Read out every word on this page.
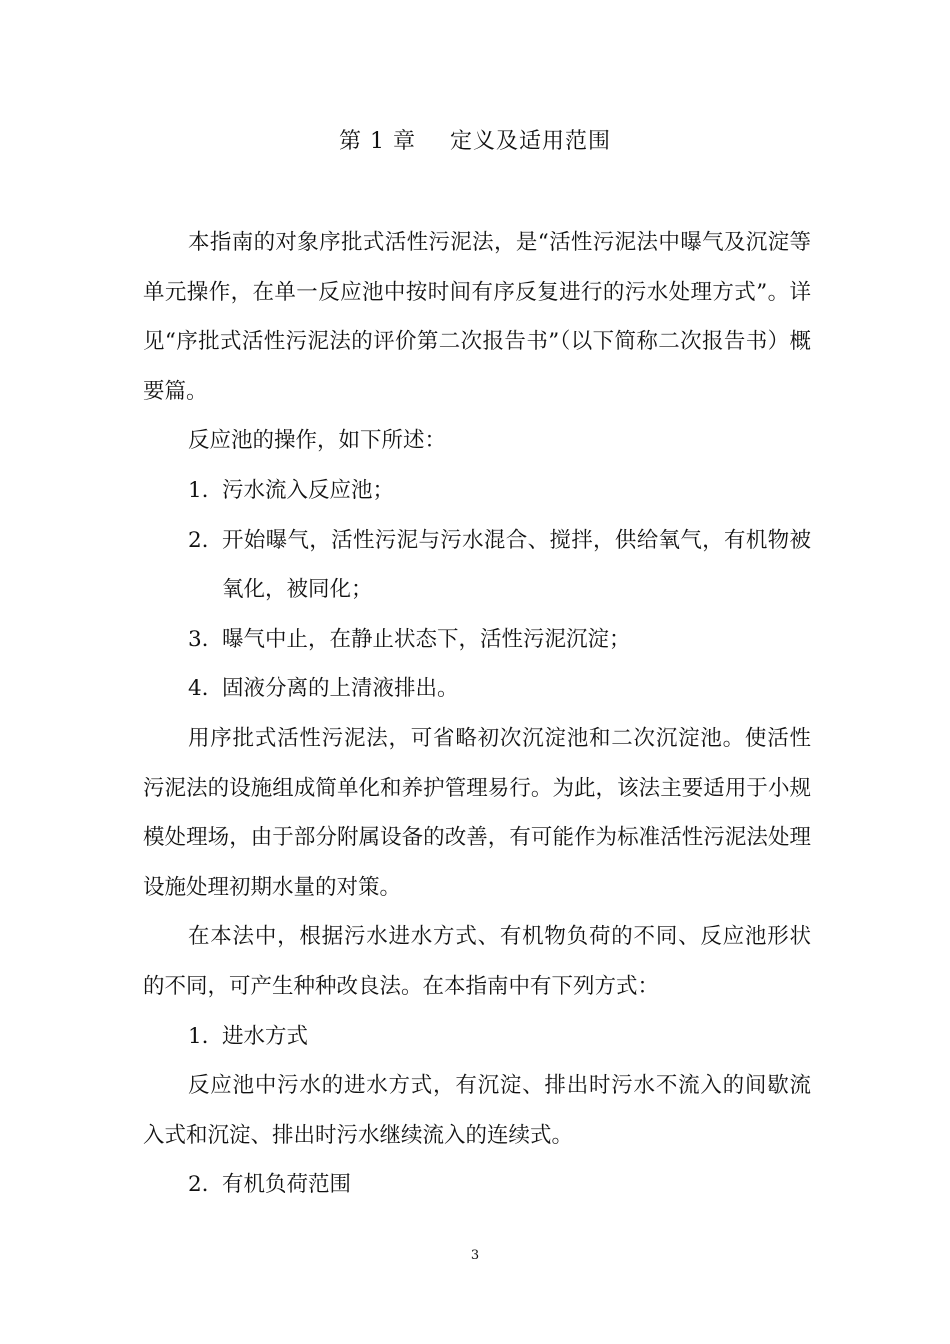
第 1 章 定义及适用范围

本指南的对象序批式活性污泥法，是“活性污泥法中曝气及沉淀等单元操作，在单一反应池中按时间有序反复进行的污水处理方式”。详见“序批式活性污泥法的评价第二次报告书”（以下简称二次报告书）概要篇。

反应池的操作，如下所述：

1. 污水流入反应池；

2. 开始曝气，活性污泥与污水混合、搅拌，供给氧气，有机物被氧化，被同化；

3. 曝气中止，在静止状态下，活性污泥沉淀；

4. 固液分离的上清液排出。

用序批式活性污泥法，可省略初次沉淀池和二次沉淀池。使活性污泥法的设施组成简单化和养护管理易行。为此，该法主要适用于小规模处理场，由于部分附属设备的改善，有可能作为标准活性污泥法处理设施处理初期水量的对策。

在本法中，根据污水进水方式、有机物负荷的不同、反应池形状的不同，可产生种种改良法。在本指南中有下列方式：

1. 进水方式

反应池中污水的进水方式，有沉淀、排出时污水不流入的间歇流入式和沉淀、排出时污水继续流入的连续式。

2. 有机负荷范围

3
